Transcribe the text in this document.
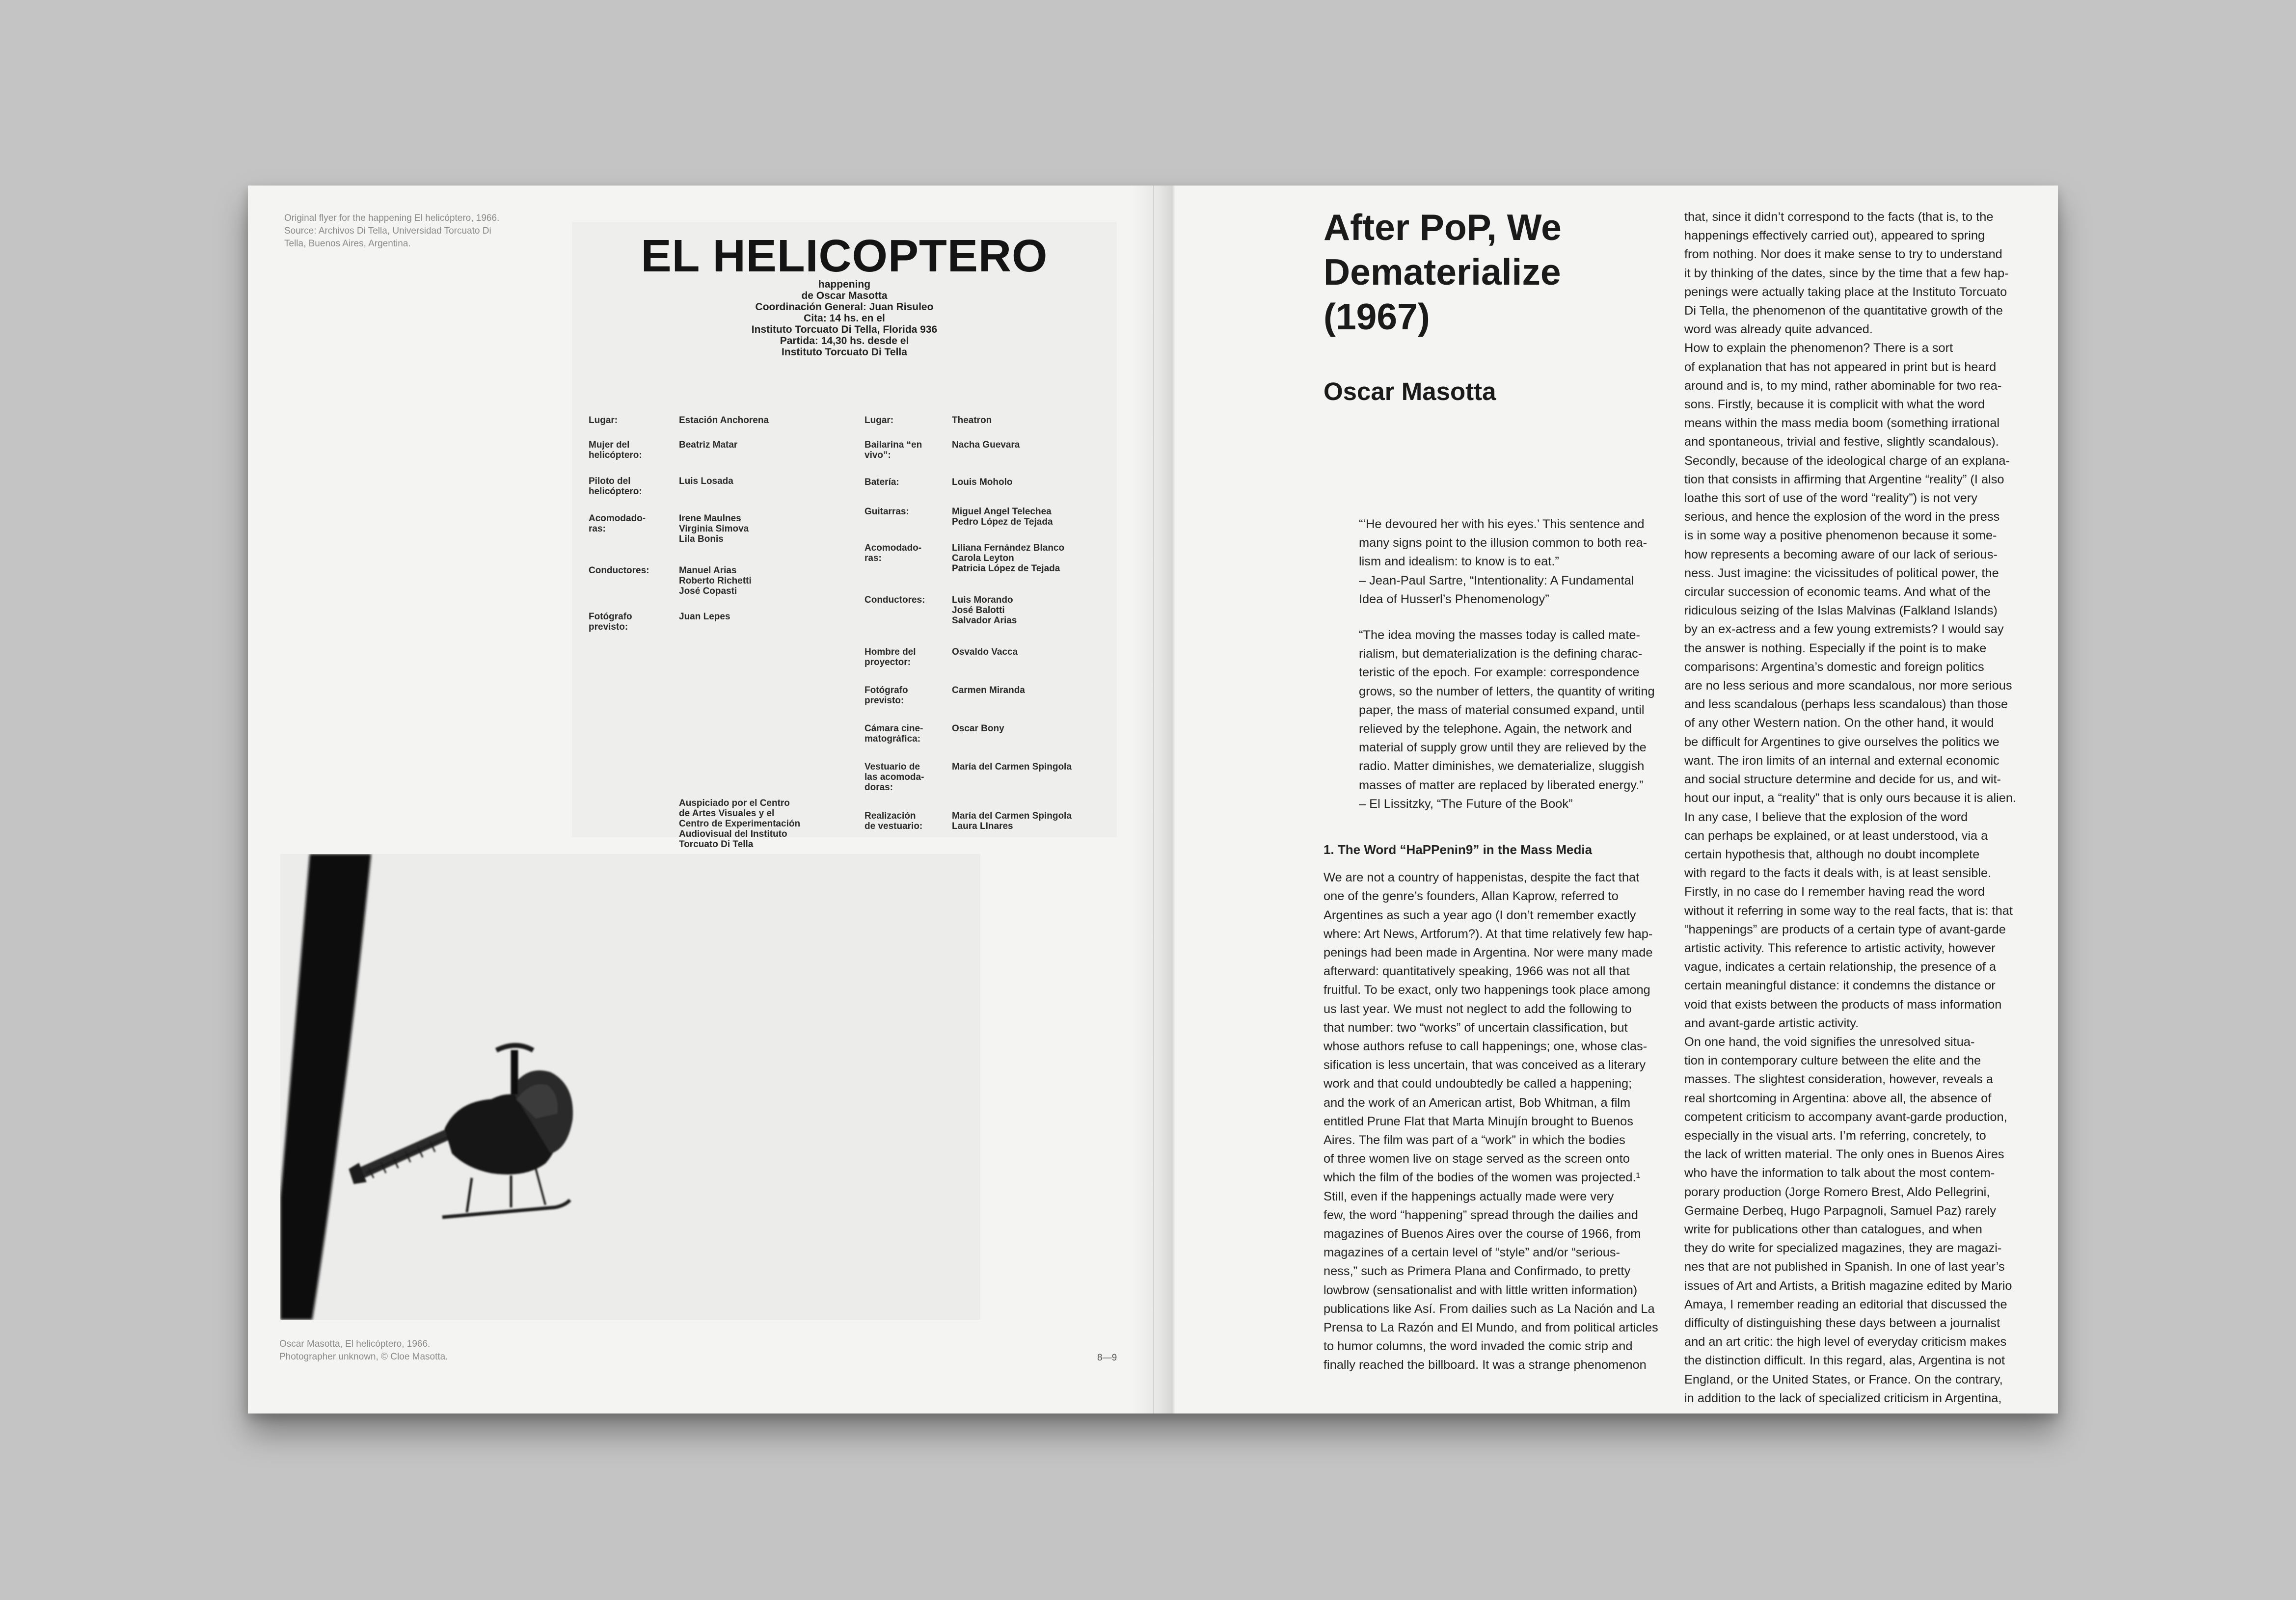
Original flyer for the happening El helicóptero, 1966.
Source: Archivos Di Tella, Universidad Torcuato Di
Tella, Buenos Aires, Argentina.	EL HELICOPTERO
happening
de Oscar Masotta
Coordinación General: Juan Risuleo
Cita: 14 hs. en el
Instituto Torcuato Di Tella, Florida 936
Partida: 14,30 hs. desde el
Instituto Torcuato Di Tella
Lugar:	Estación Anchorena
Mujer del
helicóptero:
Beatriz Matar
Piloto del
helicóptero:
Luis Losada
Acomodado-
ras:
Irene Maulnes
Virginia Simova
Lila Bonis
Conductores:	Manuel Arias
Roberto Richetti
José Copasti
Fotógrafo
previsto:
Juan Lepes
Lugar:	Theatron
Bailarina “en
vivo”:
Nacha Guevara
Batería:	Louis Moholo
Guitarras:	Miguel Angel Telechea
Pedro López de Tejada
Acomodado-
ras:
Liliana Fernández Blanco
Carola Leyton
Patricia López de Tejada
Conductores:	Luis Morando
José Balotti
Salvador Arias
Hombre del
proyector:
Osvaldo Vacca
Fotógrafo
previsto:
Carmen Miranda
Cámara cine-
matográfica:
Oscar Bony
Vestuario de
las acomoda-
doras:
María del Carmen Spingola
Realización
de vestuario:
María del Carmen Spingola
Laura LInares
Auspiciado por el Centro
de Artes Visuales y el
Centro de Experimentación
Audiovisual del Instituto
Torcuato Di Tella
Oscar Masotta, El helicóptero, 1966.
Photographer unknown, © Cloe Masotta.	8—9
After PoP, We
Dematerialize
(1967)
Oscar Masotta
“‘He devoured her with his eyes.’ This sentence and
many signs point to the illusion common to both rea-
lism and idealism: to know is to eat.”
– Jean-Paul Sartre, “Intentionality: A Fundamental
Idea of Husserl’s Phenomenology”
“The idea moving the masses today is called mate-
rialism, but dematerialization is the defining charac-
teristic of the epoch. For example: correspondence
grows, so the number of letters, the quantity of writing
paper, the mass of material consumed expand, until
relieved by the telephone. Again, the network and
material of supply grow until they are relieved by the
radio. Matter diminishes, we dematerialize, sluggish
masses of matter are replaced by liberated energy.”
– El Lissitzky, “The Future of the Book”
1. The Word “HaPPenin9” in the Mass Media
We are not a country of happenistas, despite the fact that
one of the genre’s founders, Allan Kaprow, referred to
Argentines as such a year ago (I don’t remember exactly
where: Art News, Artforum?). At that time relatively few hap-
penings had been made in Argentina. Nor were many made
afterward: quantitatively speaking, 1966 was not all that
fruitful. To be exact, only two happenings took place among
us last year. We must not neglect to add the following to
that number: two “works” of uncertain classification, but
whose authors refuse to call happenings; one, whose clas-
sification is less uncertain, that was conceived as a literary
work and that could undoubtedly be called a happening;
and the work of an American artist, Bob Whitman, a film
entitled Prune Flat that Marta Minujín brought to Buenos
Aires. The film was part of a “work” in which the bodies
of three women live on stage served as the screen onto
which the film of the bodies of the women was projected.¹
Still, even if the happenings actually made were very
few, the word “happening” spread through the dailies and
magazines of Buenos Aires over the course of 1966, from
magazines of a certain level of “style” and/or “serious-
ness,” such as Primera Plana and Confirmado, to pretty
lowbrow (sensationalist and with little written information)
publications like Así. From dailies such as La Nación and La
Prensa to La Razón and El Mundo, and from political articles
to humor columns, the word invaded the comic strip and
finally reached the billboard. It was a strange phenomenon
that, since it didn’t correspond to the facts (that is, to the
happenings effectively carried out), appeared to spring
from nothing. Nor does it make sense to try to understand
it by thinking of the dates, since by the time that a few hap-
penings were actually taking place at the Instituto Torcuato
Di Tella, the phenomenon of the quantitative growth of the
word was already quite advanced.
How to explain the phenomenon? There is a sort
of explanation that has not appeared in print but is heard
around and is, to my mind, rather abominable for two rea-
sons. Firstly, because it is complicit with what the word
means within the mass media boom (something irrational
and spontaneous, trivial and festive, slightly scandalous).
Secondly, because of the ideological charge of an explana-
tion that consists in affirming that Argentine “reality” (I also
loathe this sort of use of the word “reality”) is not very
serious, and hence the explosion of the word in the press
is in some way a positive phenomenon because it some-
how represents a becoming aware of our lack of serious-
ness. Just imagine: the vicissitudes of political power, the
circular succession of economic teams. And what of the
ridiculous seizing of the Islas Malvinas (Falkland Islands)
by an ex-actress and a few young extremists? I would say
the answer is nothing. Especially if the point is to make
comparisons: Argentina’s domestic and foreign politics
are no less serious and more scandalous, nor more serious
and less scandalous (perhaps less scandalous) than those
of any other Western nation. On the other hand, it would
be difficult for Argentines to give ourselves the politics we
want. The iron limits of an internal and external economic
and social structure determine and decide for us, and wit-
hout our input, a “reality” that is only ours because it is alien.
In any case, I believe that the explosion of the word
can perhaps be explained, or at least understood, via a
certain hypothesis that, although no doubt incomplete
with regard to the facts it deals with, is at least sensible.
Firstly, in no case do I remember having read the word
without it referring in some way to the real facts, that is: that
“happenings” are products of a certain type of avant-garde
artistic activity. This reference to artistic activity, however
vague, indicates a certain relationship, the presence of a
certain meaningful distance: it condemns the distance or
void that exists between the products of mass information
and avant-garde artistic activity.
On one hand, the void signifies the unresolved situa-
tion in contemporary culture between the elite and the
masses. The slightest consideration, however, reveals a
real shortcoming in Argentina: above all, the absence of
competent criticism to accompany avant-garde production,
especially in the visual arts. I’m referring, concretely, to
the lack of written material. The only ones in Buenos Aires
who have the information to talk about the most contem-
porary production (Jorge Romero Brest, Aldo Pellegrini,
Germaine Derbeq, Hugo Parpagnoli, Samuel Paz) rarely
write for publications other than catalogues, and when
they do write for specialized magazines, they are magazi-
nes that are not published in Spanish. In one of last year’s
issues of Art and Artists, a British magazine edited by Mario
Amaya, I remember reading an editorial that discussed the
difficulty of distinguishing these days between a journalist
and an art critic: the high level of everyday criticism makes
the distinction difficult. In this regard, alas, Argentina is not
England, or the United States, or France. On the contrary,
in addition to the lack of specialized criticism in Argentina,
